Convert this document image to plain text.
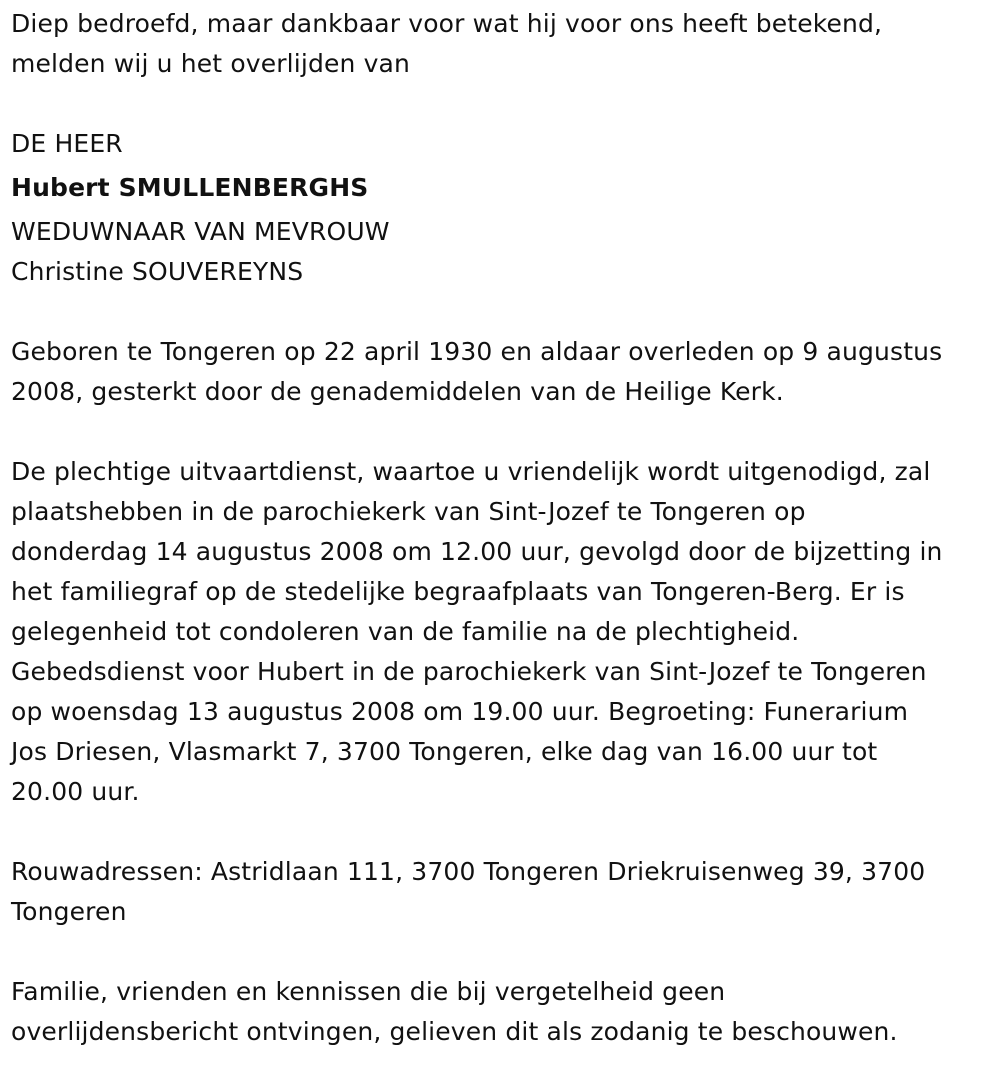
Diep bedroefd, maar dankbaar voor wat hij voor ons heeft betekend,
melden wij u het overlijden van
DE HEER
Hubert SMULLENBERGHS
WEDUWNAAR VAN MEVROUW
Christine SOUVEREYNS
Geboren te Tongeren op 22 april 1930 en aldaar overleden op 9 augustus
2008, gesterkt door de genademiddelen van de Heilige Kerk.
De plechtige uitvaartdienst, waartoe u vriendelijk wordt uitgenodigd, zal
plaatshebben in de parochiekerk van Sint-Jozef te Tongeren op
donderdag 14 augustus 2008 om 12.00 uur, gevolgd door de bijzetting in
het familiegraf op de stedelijke begraafplaats van Tongeren-Berg. Er is
gelegenheid tot condoleren van de familie na de plechtigheid.
Gebedsdienst voor Hubert in de parochiekerk van Sint-Jozef te Tongeren
op woensdag 13 augustus 2008 om 19.00 uur. Begroeting: Funerarium
Jos Driesen, Vlasmarkt 7, 3700 Tongeren, elke dag van 16.00 uur tot
20.00 uur.
Rouwadressen: Astridlaan 111, 3700 Tongeren Driekruisenweg 39, 3700
Tongeren
Familie, vrienden en kennissen die bij vergetelheid geen
overlijdensbericht ontvingen, gelieven dit als zodanig te beschouwen.
